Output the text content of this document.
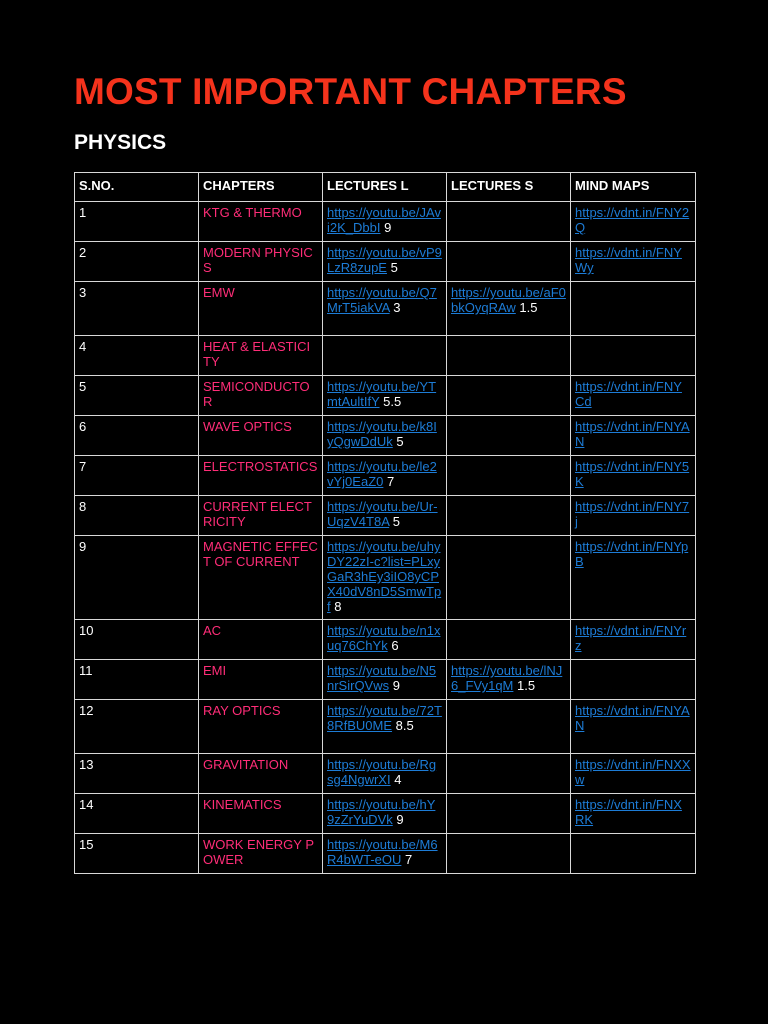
MOST IMPORTANT CHAPTERS
PHYSICS
S.NO.	CHAPTERS	LECTURES L	LECTURES S	MIND MAPS
1	KTG & THERMO	https://youtu.be/JAvi2K_DbbI 9		https://vdnt.in/FNY2Q
2	MODERN PHYSICS	https://youtu.be/vP9LzR8zupE 5		https://vdnt.in/FNYWy
3	EMW	https://youtu.be/Q7MrT5iakVA 3	https://youtu.be/aF0bkOyqRAw 1.5	
4	HEAT & ELASTICITY			
5	SEMICONDUCTOR	https://youtu.be/YTmtAultIfY 5.5		https://vdnt.in/FNYCd
6	WAVE OPTICS	https://youtu.be/k8IyQgwDdUk 5		https://vdnt.in/FNYAN
7	ELECTROSTATICS	https://youtu.be/le2vYj0EaZ0 7		https://vdnt.in/FNY5K
8	CURRENT ELECTRICITY	https://youtu.be/Ur-UqzV4T8A 5		https://vdnt.in/FNY7j
9	MAGNETIC EFFECT OF CURRENT	https://youtu.be/uhyDY22zI-c?list=PLxyGaR3hEy3iIO8yCPX40dV8nD5SmwTpf 8		https://vdnt.in/FNYpB
10	AC	https://youtu.be/n1xuq76ChYk 6		https://vdnt.in/FNYrz
11	EMI	https://youtu.be/N5nrSirQVws 9	https://youtu.be/lNJ6_FVy1qM 1.5	
12	RAY OPTICS	https://youtu.be/72T8RfBU0ME 8.5		https://vdnt.in/FNYAN
13	GRAVITATION	https://youtu.be/Rgsg4NgwrXI 4		https://vdnt.in/FNXXw
14	KINEMATICS	https://youtu.be/hY9zZrYuDVk 9		https://vdnt.in/FNXRK
15	WORK ENERGY POWER	https://youtu.be/M6R4bWT-eOU 7		
